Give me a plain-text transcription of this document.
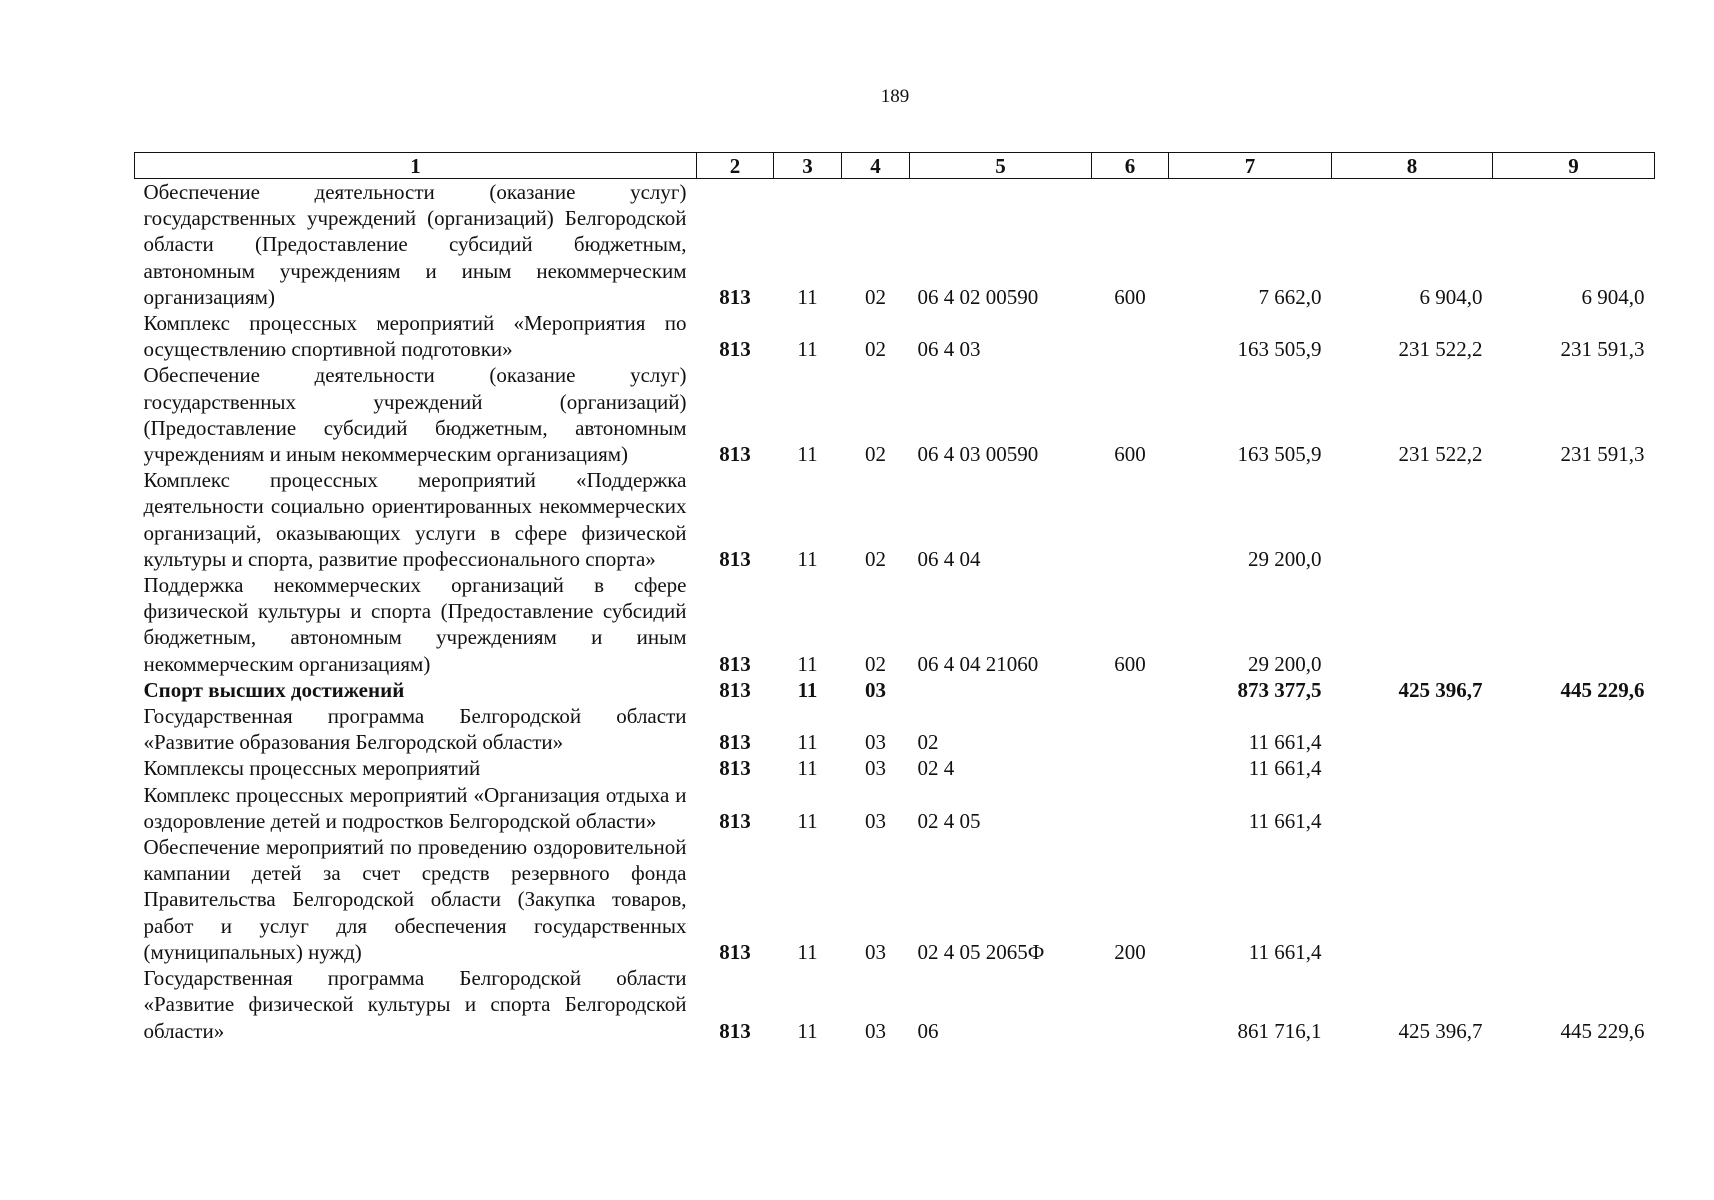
189
1	2	3	4	5	6	7	8	9
Обеспечение деятельности (оказание услуг) государственных учреждений (организаций) Белгородской области (Предоставление субсидий бюджетным, автономным учреждениям и иным некоммерческим организациям)	813	11	02	06 4 02 00590	600	7 662,0	6 904,0	6 904,0
Комплекс процессных мероприятий «Мероприятия по осуществлению спортивной подготовки»	813	11	02	06 4 03		163 505,9	231 522,2	231 591,3
Обеспечение деятельности (оказание услуг) государственных учреждений (организаций) (Предоставление субсидий бюджетным, автономным учреждениям и иным некоммерческим организациям)	813	11	02	06 4 03 00590	600	163 505,9	231 522,2	231 591,3
Комплекс процессных мероприятий «Поддержка деятельности социально ориентированных некоммерческих организаций, оказывающих услуги в сфере физической культуры и спорта, развитие профессионального спорта»	813	11	02	06 4 04		29 200,0		
Поддержка некоммерческих организаций в сфере физической культуры и спорта (Предоставление субсидий бюджетным, автономным учреждениям и иным некоммерческим организациям)	813	11	02	06 4 04 21060	600	29 200,0		
Спорт высших достижений	813	11	03			873 377,5	425 396,7	445 229,6
Государственная программа Белгородской области «Развитие образования Белгородской области»	813	11	03	02		11 661,4		
Комплексы процессных мероприятий	813	11	03	02 4		11 661,4		
Комплекс процессных мероприятий «Организация отдыха и оздоровление детей и подростков Белгородской области»	813	11	03	02 4 05		11 661,4		
Обеспечение мероприятий по проведению оздоровительной кампании детей за счет средств резервного фонда Правительства Белгородской области (Закупка товаров, работ и услуг для обеспечения государственных (муниципальных) нужд)	813	11	03	02 4 05 2065Ф	200	11 661,4		
Государственная программа Белгородской области «Развитие физической культуры и спорта Белгородской области»	813	11	03	06		861 716,1	425 396,7	445 229,6
